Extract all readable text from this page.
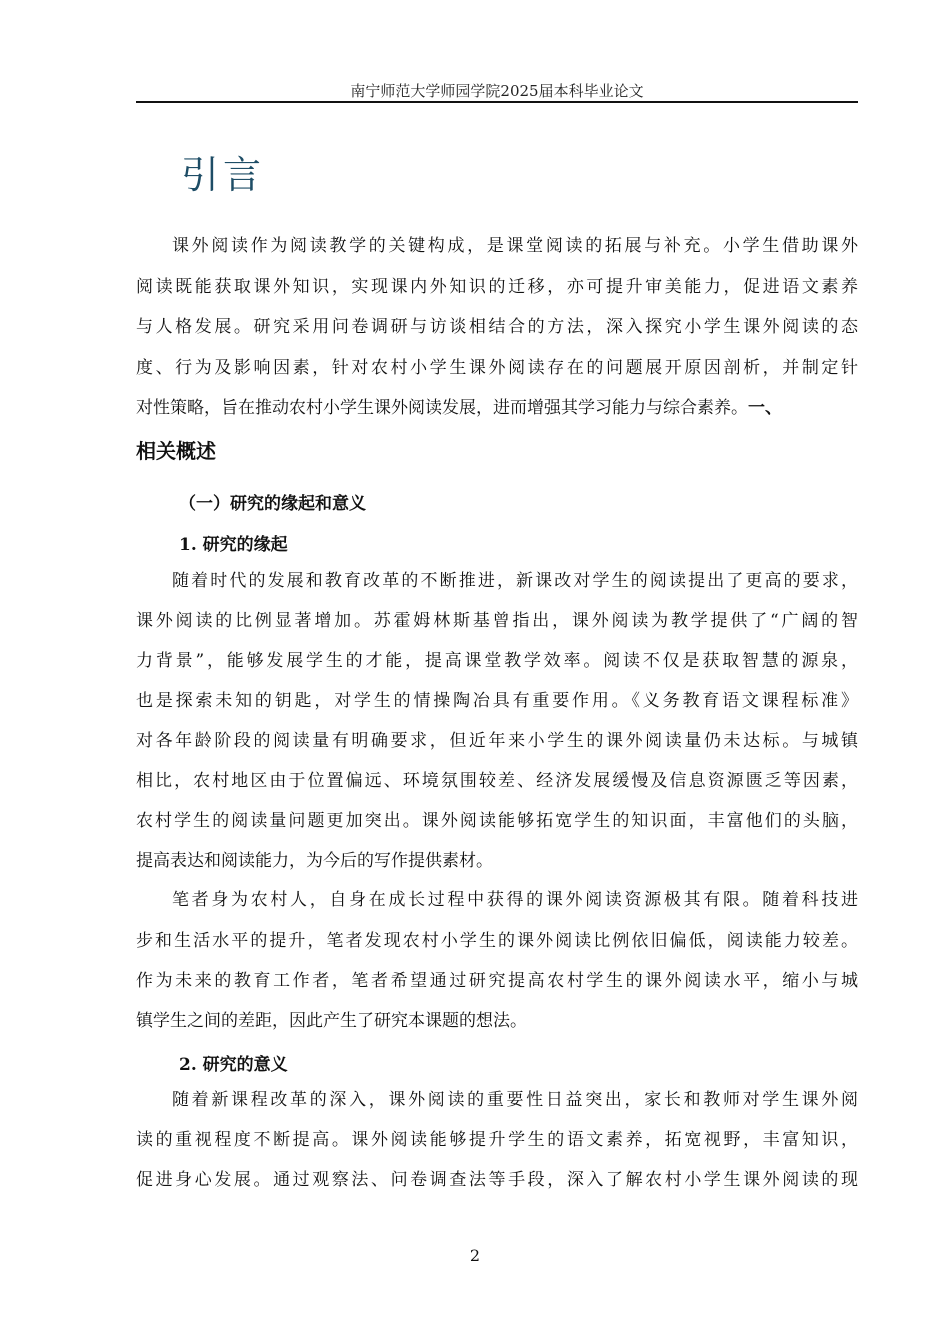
南宁师范大学师园学院2025届本科毕业论文
引言
课外阅读作为阅读教学的关键构成，是课堂阅读的拓展与补充。小学生借助课外
阅读既能获取课外知识，实现课内外知识的迁移，亦可提升审美能力，促进语文素养
与人格发展。研究采用问卷调研与访谈相结合的方法，深入探究小学生课外阅读的态
度、行为及影响因素，针对农村小学生课外阅读存在的问题展开原因剖析，并制定针
对性策略，旨在推动农村小学生课外阅读发展，进而增强其学习能力与综合素养。一、
相关概述
（一）研究的缘起和意义
1. 研究的缘起
随着时代的发展和教育改革的不断推进，新课改对学生的阅读提出了更高的要求，
课外阅读的比例显著增加。苏霍姆林斯基曾指出，课外阅读为教学提供了“广阔的智
力背景”，能够发展学生的才能，提高课堂教学效率。阅读不仅是获取智慧的源泉，
也是探索未知的钥匙，对学生的情操陶冶具有重要作用。《义务教育语文课程标准》
对各年龄阶段的阅读量有明确要求，但近年来小学生的课外阅读量仍未达标。与城镇
相比，农村地区由于位置偏远、环境氛围较差、经济发展缓慢及信息资源匮乏等因素，
农村学生的阅读量问题更加突出。课外阅读能够拓宽学生的知识面，丰富他们的头脑，
提高表达和阅读能力，为今后的写作提供素材。
笔者身为农村人，自身在成长过程中获得的课外阅读资源极其有限。随着科技进
步和生活水平的提升，笔者发现农村小学生的课外阅读比例依旧偏低，阅读能力较差。
作为未来的教育工作者，笔者希望通过研究提高农村学生的课外阅读水平，缩小与城
镇学生之间的差距，因此产生了研究本课题的想法。
2. 研究的意义
随着新课程改革的深入，课外阅读的重要性日益突出，家长和教师对学生课外阅
读的重视程度不断提高。课外阅读能够提升学生的语文素养，拓宽视野，丰富知识，
促进身心发展。通过观察法、问卷调查法等手段，深入了解农村小学生课外阅读的现
2
